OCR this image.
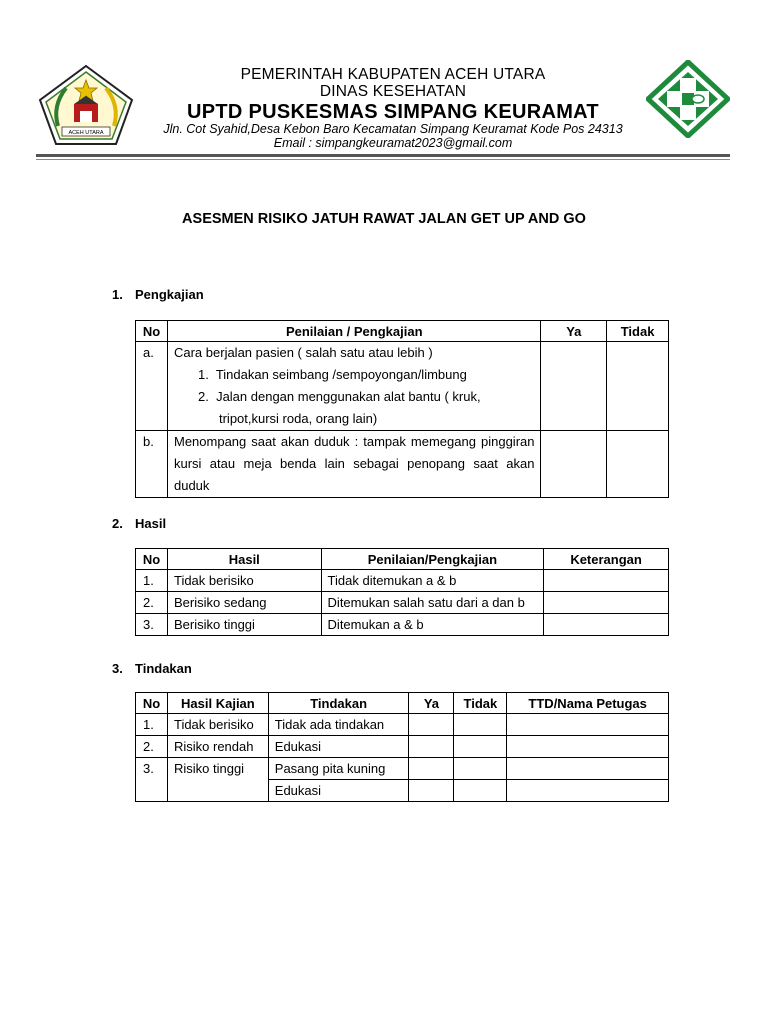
ACEH UTARA
PEMERINTAH KABUPATEN ACEH UTARA
DINAS KESEHATAN
UPTD PUSKESMAS SIMPANG KEURAMAT
Jln. Cot Syahid,Desa Kebon Baro Kecamatan Simpang Keuramat Kode Pos 24313
Email : simpangkeuramat2023@gmail.com
ASESMEN RISIKO JATUH RAWAT JALAN GET UP AND GO
1. Pengkajian
No	Penilaian / Pengkajian	Ya	Tidak
a.	Cara berjalan pasien ( salah satu atau lebih )
1. Tindakan seimbang /sempoyongan/limbung
2. Jalan dengan menggunakan alat bantu ( kruk,
tripot,kursi roda, orang lain)		

b.	Menompang saat akan duduk : tampak memegang pinggiran kursi atau meja benda lain sebagai penopang saat akan duduk		
2. Hasil
No	Hasil	Penilaian/Pengkajian	Keterangan
1.	Tidak berisiko	Tidak ditemukan a & b	
2.	Berisiko sedang	Ditemukan salah satu dari a dan b	
3.	Berisiko tinggi	Ditemukan a & b	
3. Tindakan
No	Hasil Kajian	Tindakan	Ya	Tidak	TTD/Nama Petugas
1.	Tidak berisiko	Tidak ada tindakan			
2.	Risiko rendah	Edukasi			
3.	Risiko tinggi	Pasang pita kuning			
		Edukasi			
